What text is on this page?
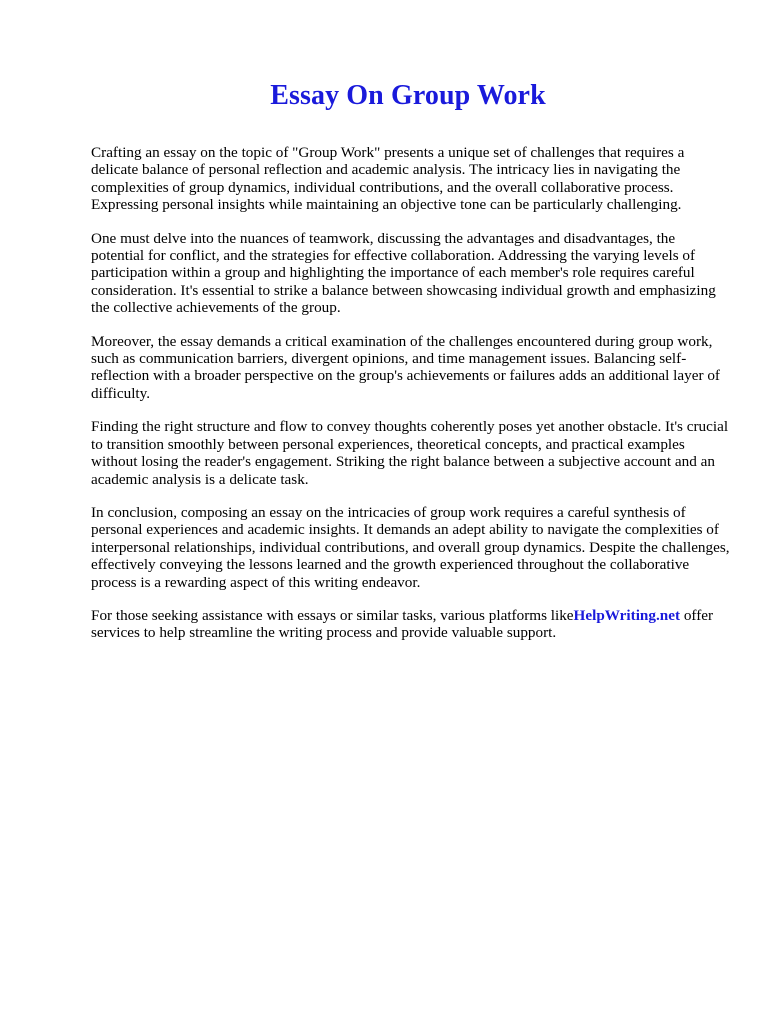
Essay On Group Work

Crafting an essay on the topic of "Group Work" presents a unique set of challenges that requires a delicate balance of personal reflection and academic analysis. The intricacy lies in navigating the complexities of group dynamics, individual contributions, and the overall collaborative process. Expressing personal insights while maintaining an objective tone can be particularly challenging.

One must delve into the nuances of teamwork, discussing the advantages and disadvantages, the potential for conflict, and the strategies for effective collaboration. Addressing the varying levels of participation within a group and highlighting the importance of each member's role requires careful consideration. It's essential to strike a balance between showcasing individual growth and emphasizing the collective achievements of the group.

Moreover, the essay demands a critical examination of the challenges encountered during group work, such as communication barriers, divergent opinions, and time management issues. Balancing self-reflection with a broader perspective on the group's achievements or failures adds an additional layer of difficulty.

Finding the right structure and flow to convey thoughts coherently poses yet another obstacle. It's crucial to transition smoothly between personal experiences, theoretical concepts, and practical examples without losing the reader's engagement. Striking the right balance between a subjective account and an academic analysis is a delicate task.

In conclusion, composing an essay on the intricacies of group work requires a careful synthesis of personal experiences and academic insights. It demands an adept ability to navigate the complexities of interpersonal relationships, individual contributions, and overall group dynamics. Despite the challenges, effectively conveying the lessons learned and the growth experienced throughout the collaborative process is a rewarding aspect of this writing endeavor.

For those seeking assistance with essays or similar tasks, various platforms likeHelpWriting.net offer services to help streamline the writing process and provide valuable support.
